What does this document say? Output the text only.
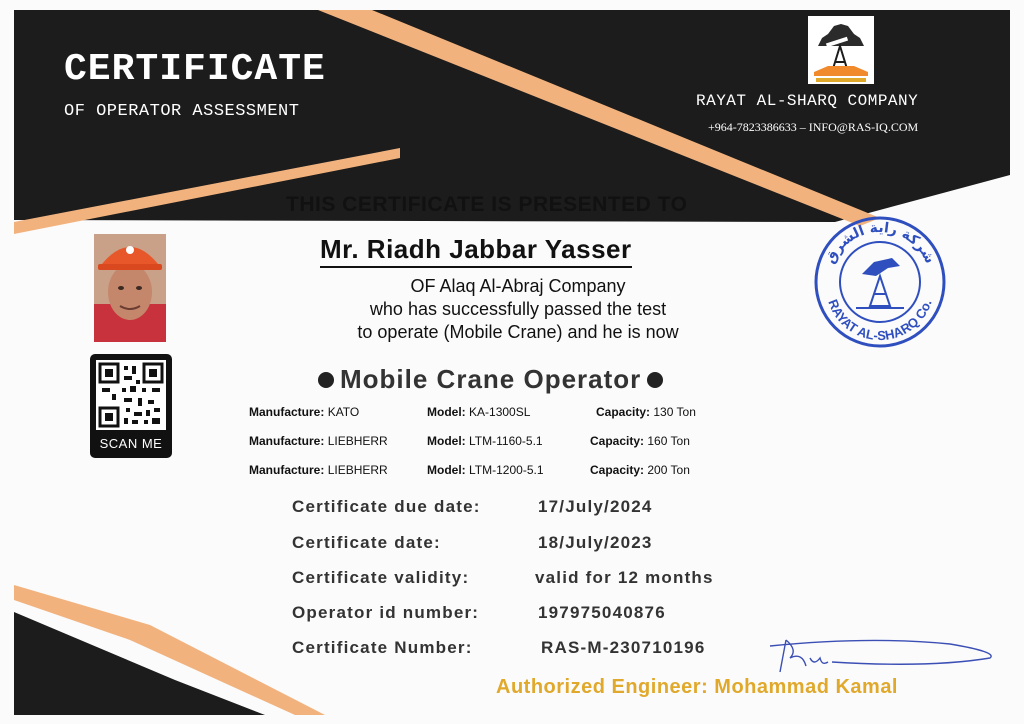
CERTIFICATE
OF OPERATOR ASSESSMENT
RAYAT AL-SHARQ COMPANY
+964-7823386633 – INFO@RAS-IQ.COM
THIS CERTIFICATE IS PRESENTED TO
Mr. Riadh Jabbar Yasser
OF Alaq Al-Abraj Company
who has successfully passed the test
to operate (Mobile Crane) and he is now
Mobile Crane Operator
SCAN ME
Manufacture: KATO	Model: KA-1300SL	Capacity: 130 Ton
Manufacture: LIEBHERR	Model: LTM-1160-5.1	Capacity: 160 Ton
Manufacture: LIEBHERR	Model: LTM-1200-5.1	Capacity: 200 Ton
Certificate due date:	17/July/2024
Certificate date:	18/July/2023
Certificate validity:	valid for 12 months
Operator id number:	197975040876
Certificate Number:	RAS-M-230710196
شركة راية الشرق
RAYAT AL-SHARQ Co.
Authorized Engineer: Mohammad Kamal
